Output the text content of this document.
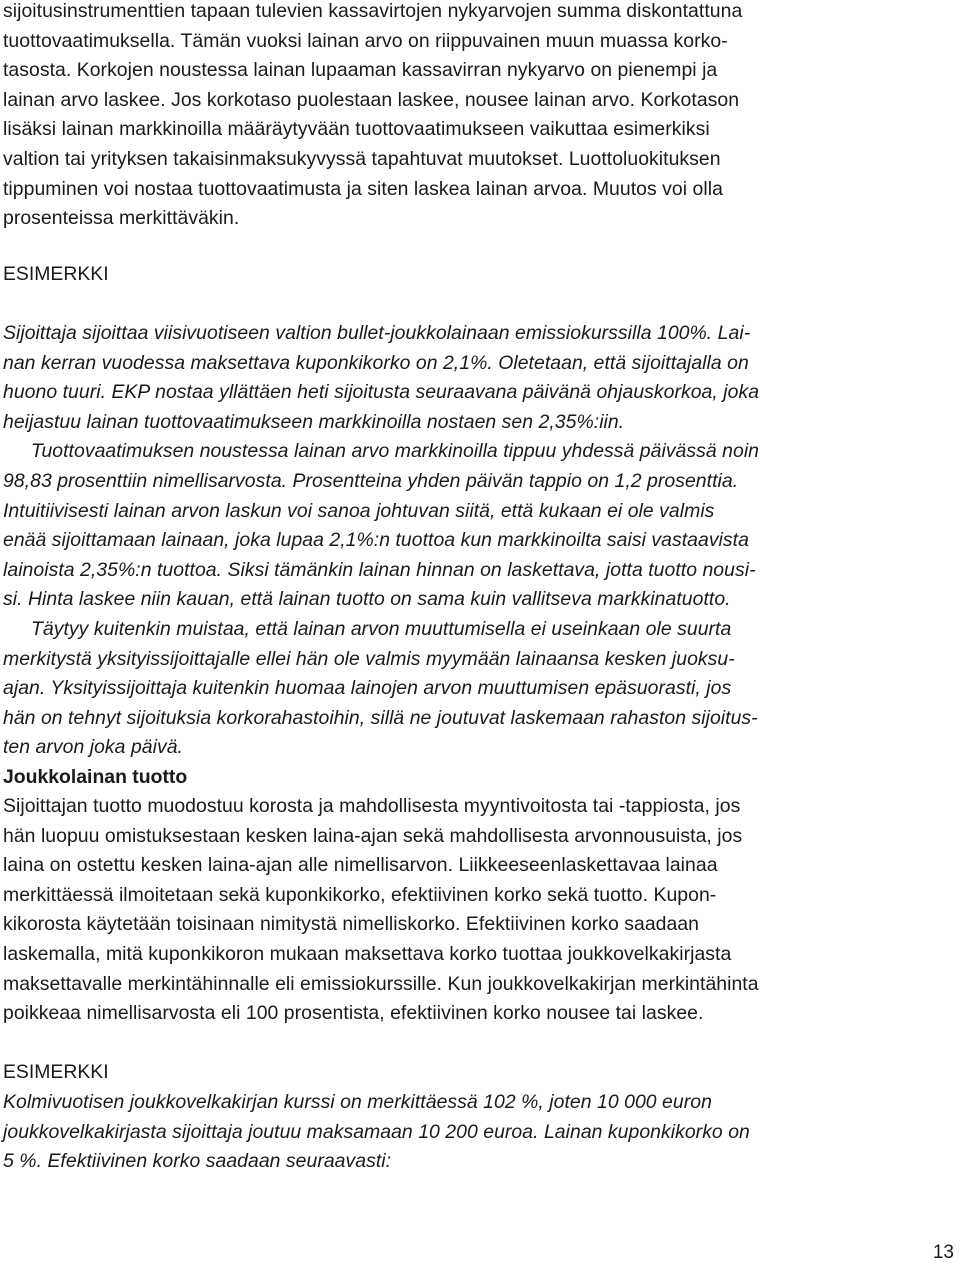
sijoitusinstrumenttien tapaan tulevien kassavirtojen nykyarvojen summa diskontattuna
tuottovaatimuksella. Tämän vuoksi lainan arvo on riippuvainen muun muassa korko-
tasosta. Korkojen noustessa lainan lupaaman kassavirran nykyarvo on pienempi ja
lainan arvo laskee. Jos korkotaso puolestaan laskee, nousee lainan arvo. Korkotason
lisäksi lainan markkinoilla määräytyvään tuottovaatimukseen vaikuttaa esimerkiksi
valtion tai yrityksen takaisinmaksukyvyssä tapahtuvat muutokset. Luottoluokituksen
tippuminen voi nostaa tuottovaatimusta ja siten laskea lainan arvoa. Muutos voi olla
prosenteissa merkittäväkin.
ESIMERKKI
Sijoittaja sijoittaa viisivuotiseen valtion bullet-joukkolainaan emissiokurssilla 100%. Lai-
nan kerran vuodessa maksettava kuponkikorko on 2,1%. Oletetaan, että sijoittajalla on
huono tuuri. EKP nostaa yllättäen heti sijoitusta seuraavana päivänä ohjauskorkoa, joka
heijastuu lainan tuottovaatimukseen markkinoilla nostaen sen 2,35%:iin.
Tuottovaatimuksen noustessa lainan arvo markkinoilla tippuu yhdessä päivässä noin
98,83 prosenttiin nimellisarvosta. Prosentteina yhden päivän tappio on 1,2 prosenttia.
Intuitiivisesti lainan arvon laskun voi sanoa johtuvan siitä, että kukaan ei ole valmis
enää sijoittamaan lainaan, joka lupaa 2,1%:n tuottoa kun markkinoilta saisi vastaavista
lainoista 2,35%:n tuottoa. Siksi tämänkin lainan hinnan on laskettava, jotta tuotto nousi-
si. Hinta laskee niin kauan, että lainan tuotto on sama kuin vallitseva markkinatuotto.
Täytyy kuitenkin muistaa, että lainan arvon muuttumisella ei useinkaan ole suurta
merkitystä yksityissijoittajalle ellei hän ole valmis myymään lainaansa kesken juoksu-
ajan. Yksityissijoittaja kuitenkin huomaa lainojen arvon muuttumisen epäsuorasti, jos
hän on tehnyt sijoituksia korkorahastoihin, sillä ne joutuvat laskemaan rahaston sijoitus-
ten arvon joka päivä.
Joukkolainan tuotto
Sijoittajan tuotto muodostuu korosta ja mahdollisesta myyntivoitosta tai -tappiosta, jos
hän luopuu omistuksestaan kesken laina-ajan sekä mahdollisesta arvonnousuista, jos
laina on ostettu kesken laina-ajan alle nimellisarvon. Liikkeeseenlaskettavaa lainaa
merkittäessä ilmoitetaan sekä kuponkikorko, efektiivinen korko sekä tuotto. Kupon-
kikorosta käytetään toisinaan nimitystä nimelliskorko. Efektiivinen korko saadaan
laskemalla, mitä kuponkikoron mukaan maksettava korko tuottaa joukkovelkakirjasta
maksettavalle merkintähinnalle eli emissiokurssille. Kun joukkovelkakirjan merkintähinta
poikkeaa nimellisarvosta eli 100 prosentista, efektiivinen korko nousee tai laskee.
ESIMERKKI
Kolmivuotisen joukkovelkakirjan kurssi on merkittäessä 102 %, joten 10 000 euron
joukkovelkakirjasta sijoittaja joutuu maksamaan 10 200 euroa. Lainan kuponkikorko on
5 %. Efektiivinen korko saadaan seuraavasti:
13
